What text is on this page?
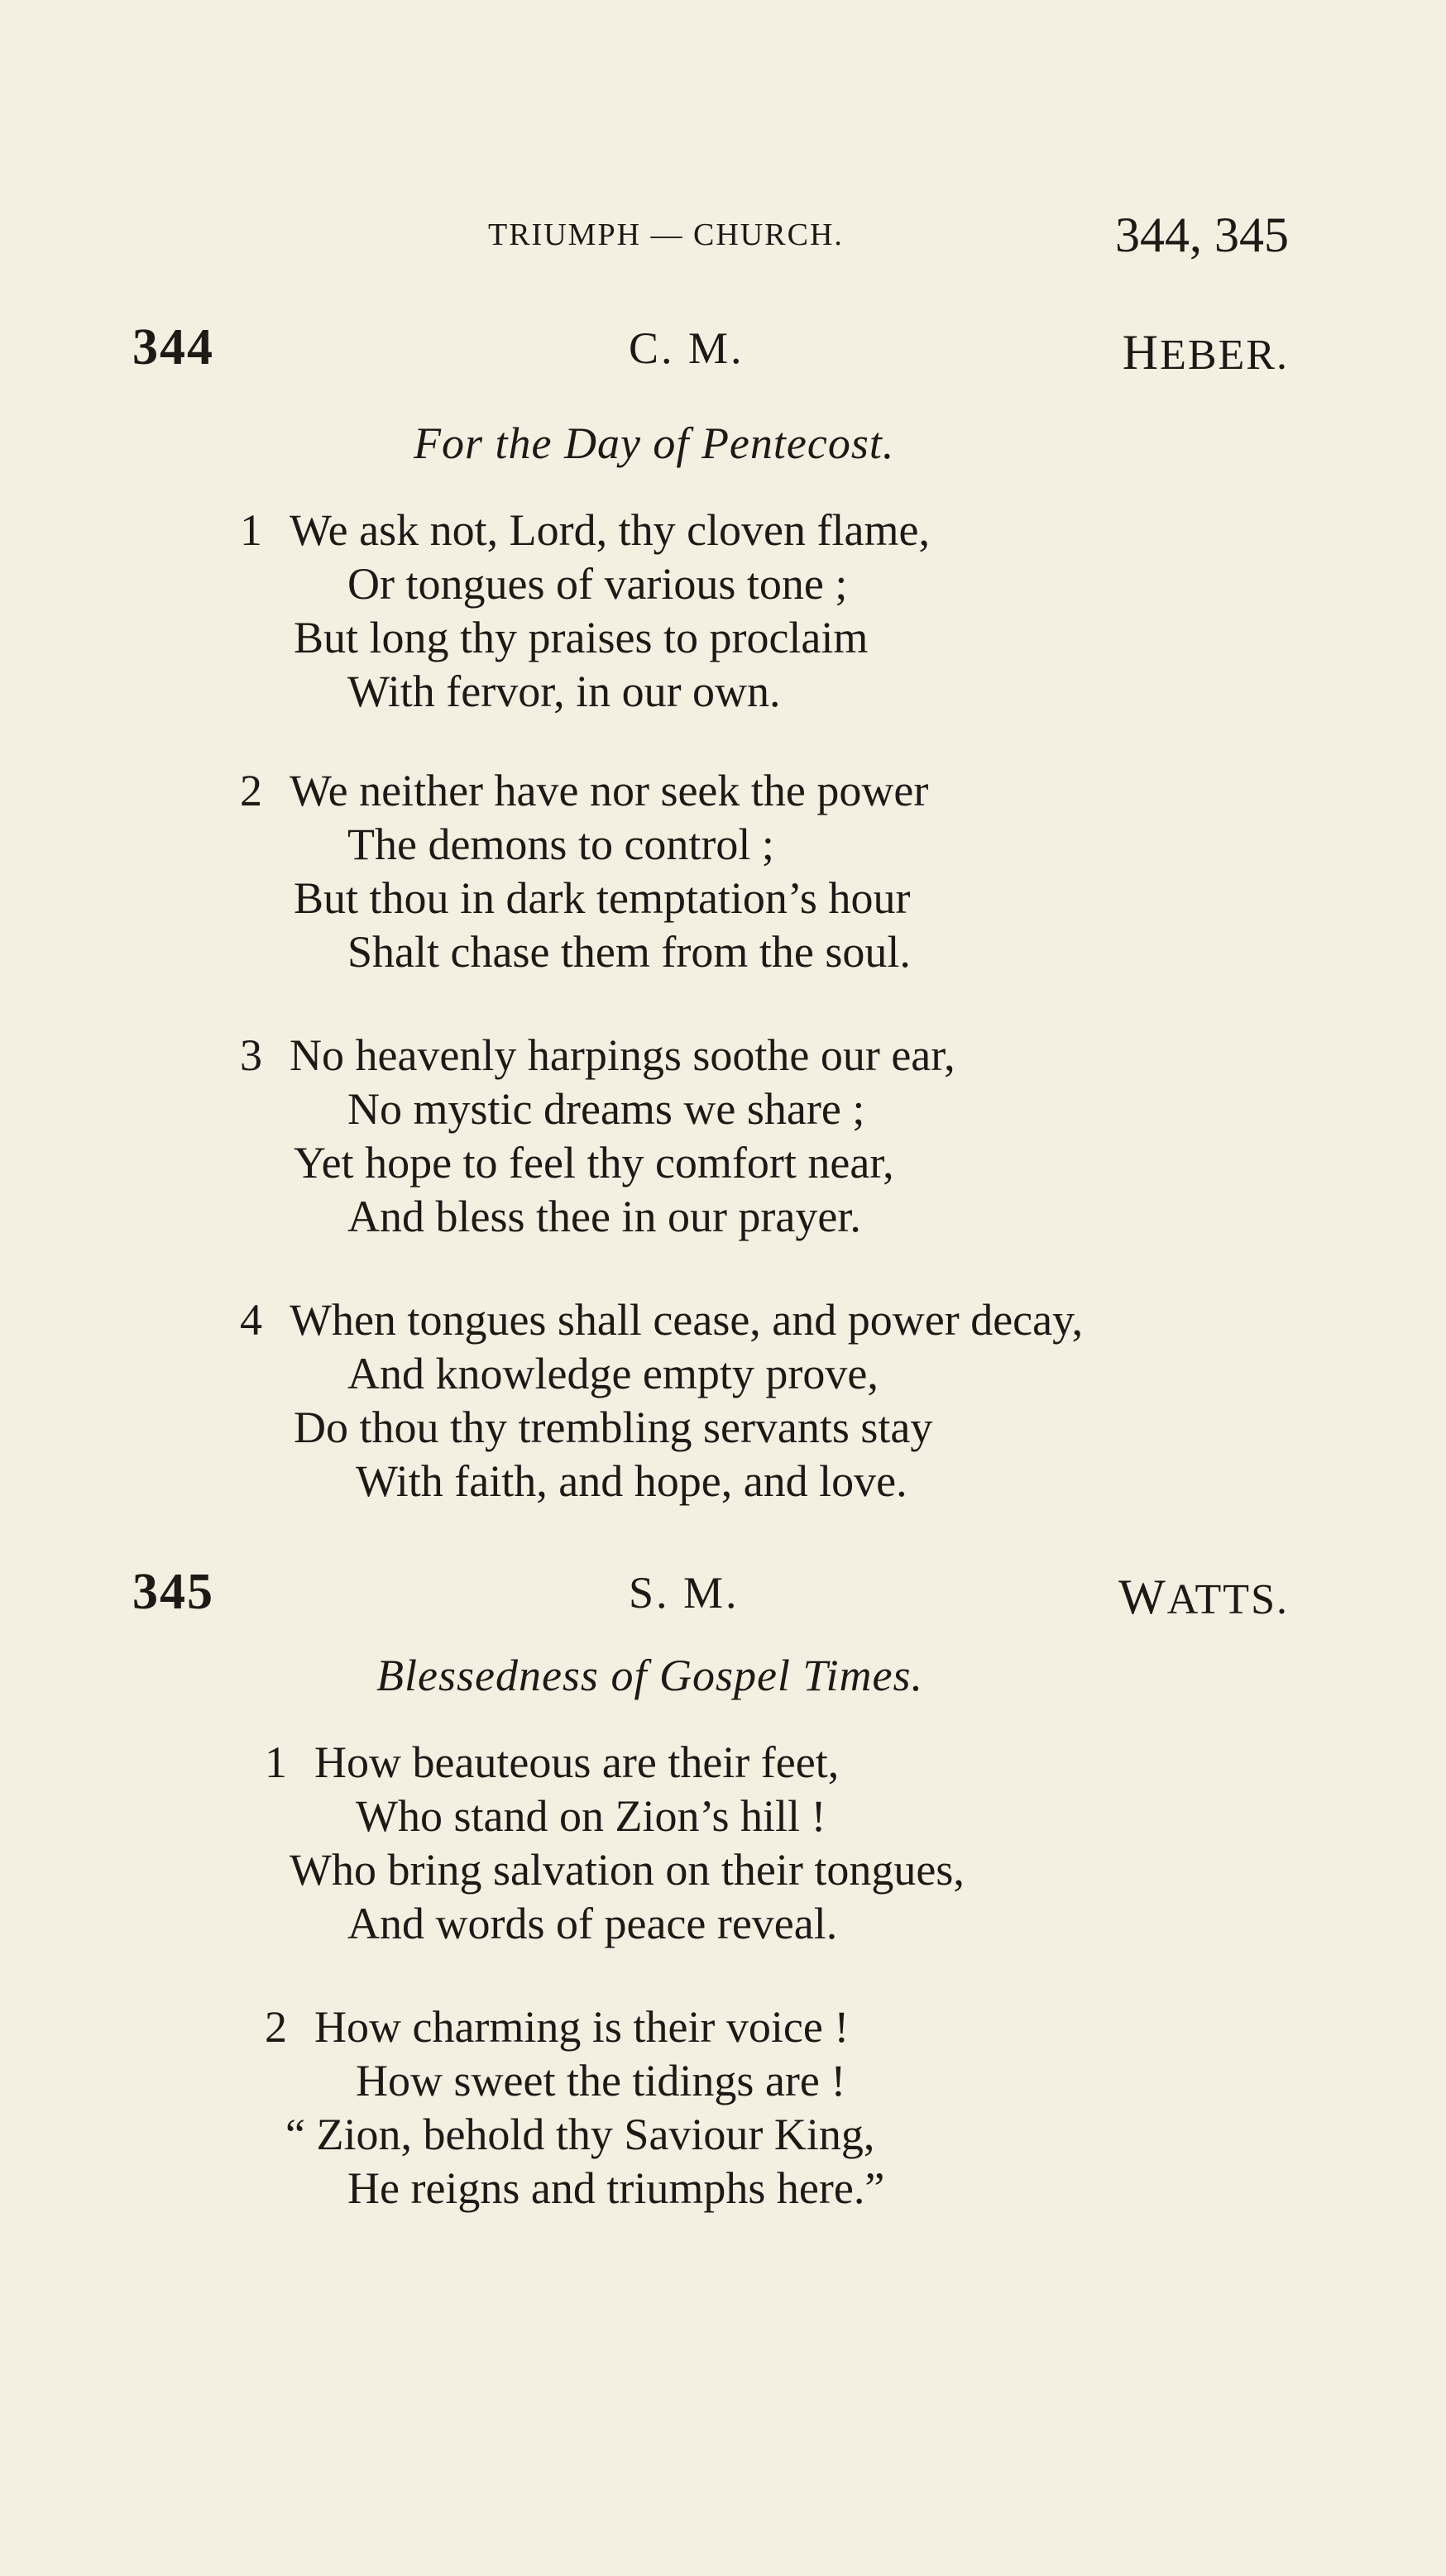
TRIUMPH — CHURCH.	344, 345
344	C. M.	HEBER.
For the Day of Pentecost.
1 We ask not, Lord, thy cloven flame,
Or tongues of various tone ;
But long thy praises to proclaim
With fervor, in our own.
2 We neither have nor seek the power
The demons to control ;
But thou in dark temptation’s hour
Shalt chase them from the soul.
3 No heavenly harpings soothe our ear,
No mystic dreams we share ;
Yet hope to feel thy comfort near,
And bless thee in our prayer.
4 When tongues shall cease, and power decay,
And knowledge empty prove,
Do thou thy trembling servants stay
With faith, and hope, and love.
345	S. M.	WATTS.
Blessedness of Gospel Times.
1 How beauteous are their feet,
Who stand on Zion’s hill !
Who bring salvation on their tongues,
And words of peace reveal.
2 How charming is their voice !
How sweet the tidings are !
“ Zion, behold thy Saviour King,
He reigns and triumphs here.”
